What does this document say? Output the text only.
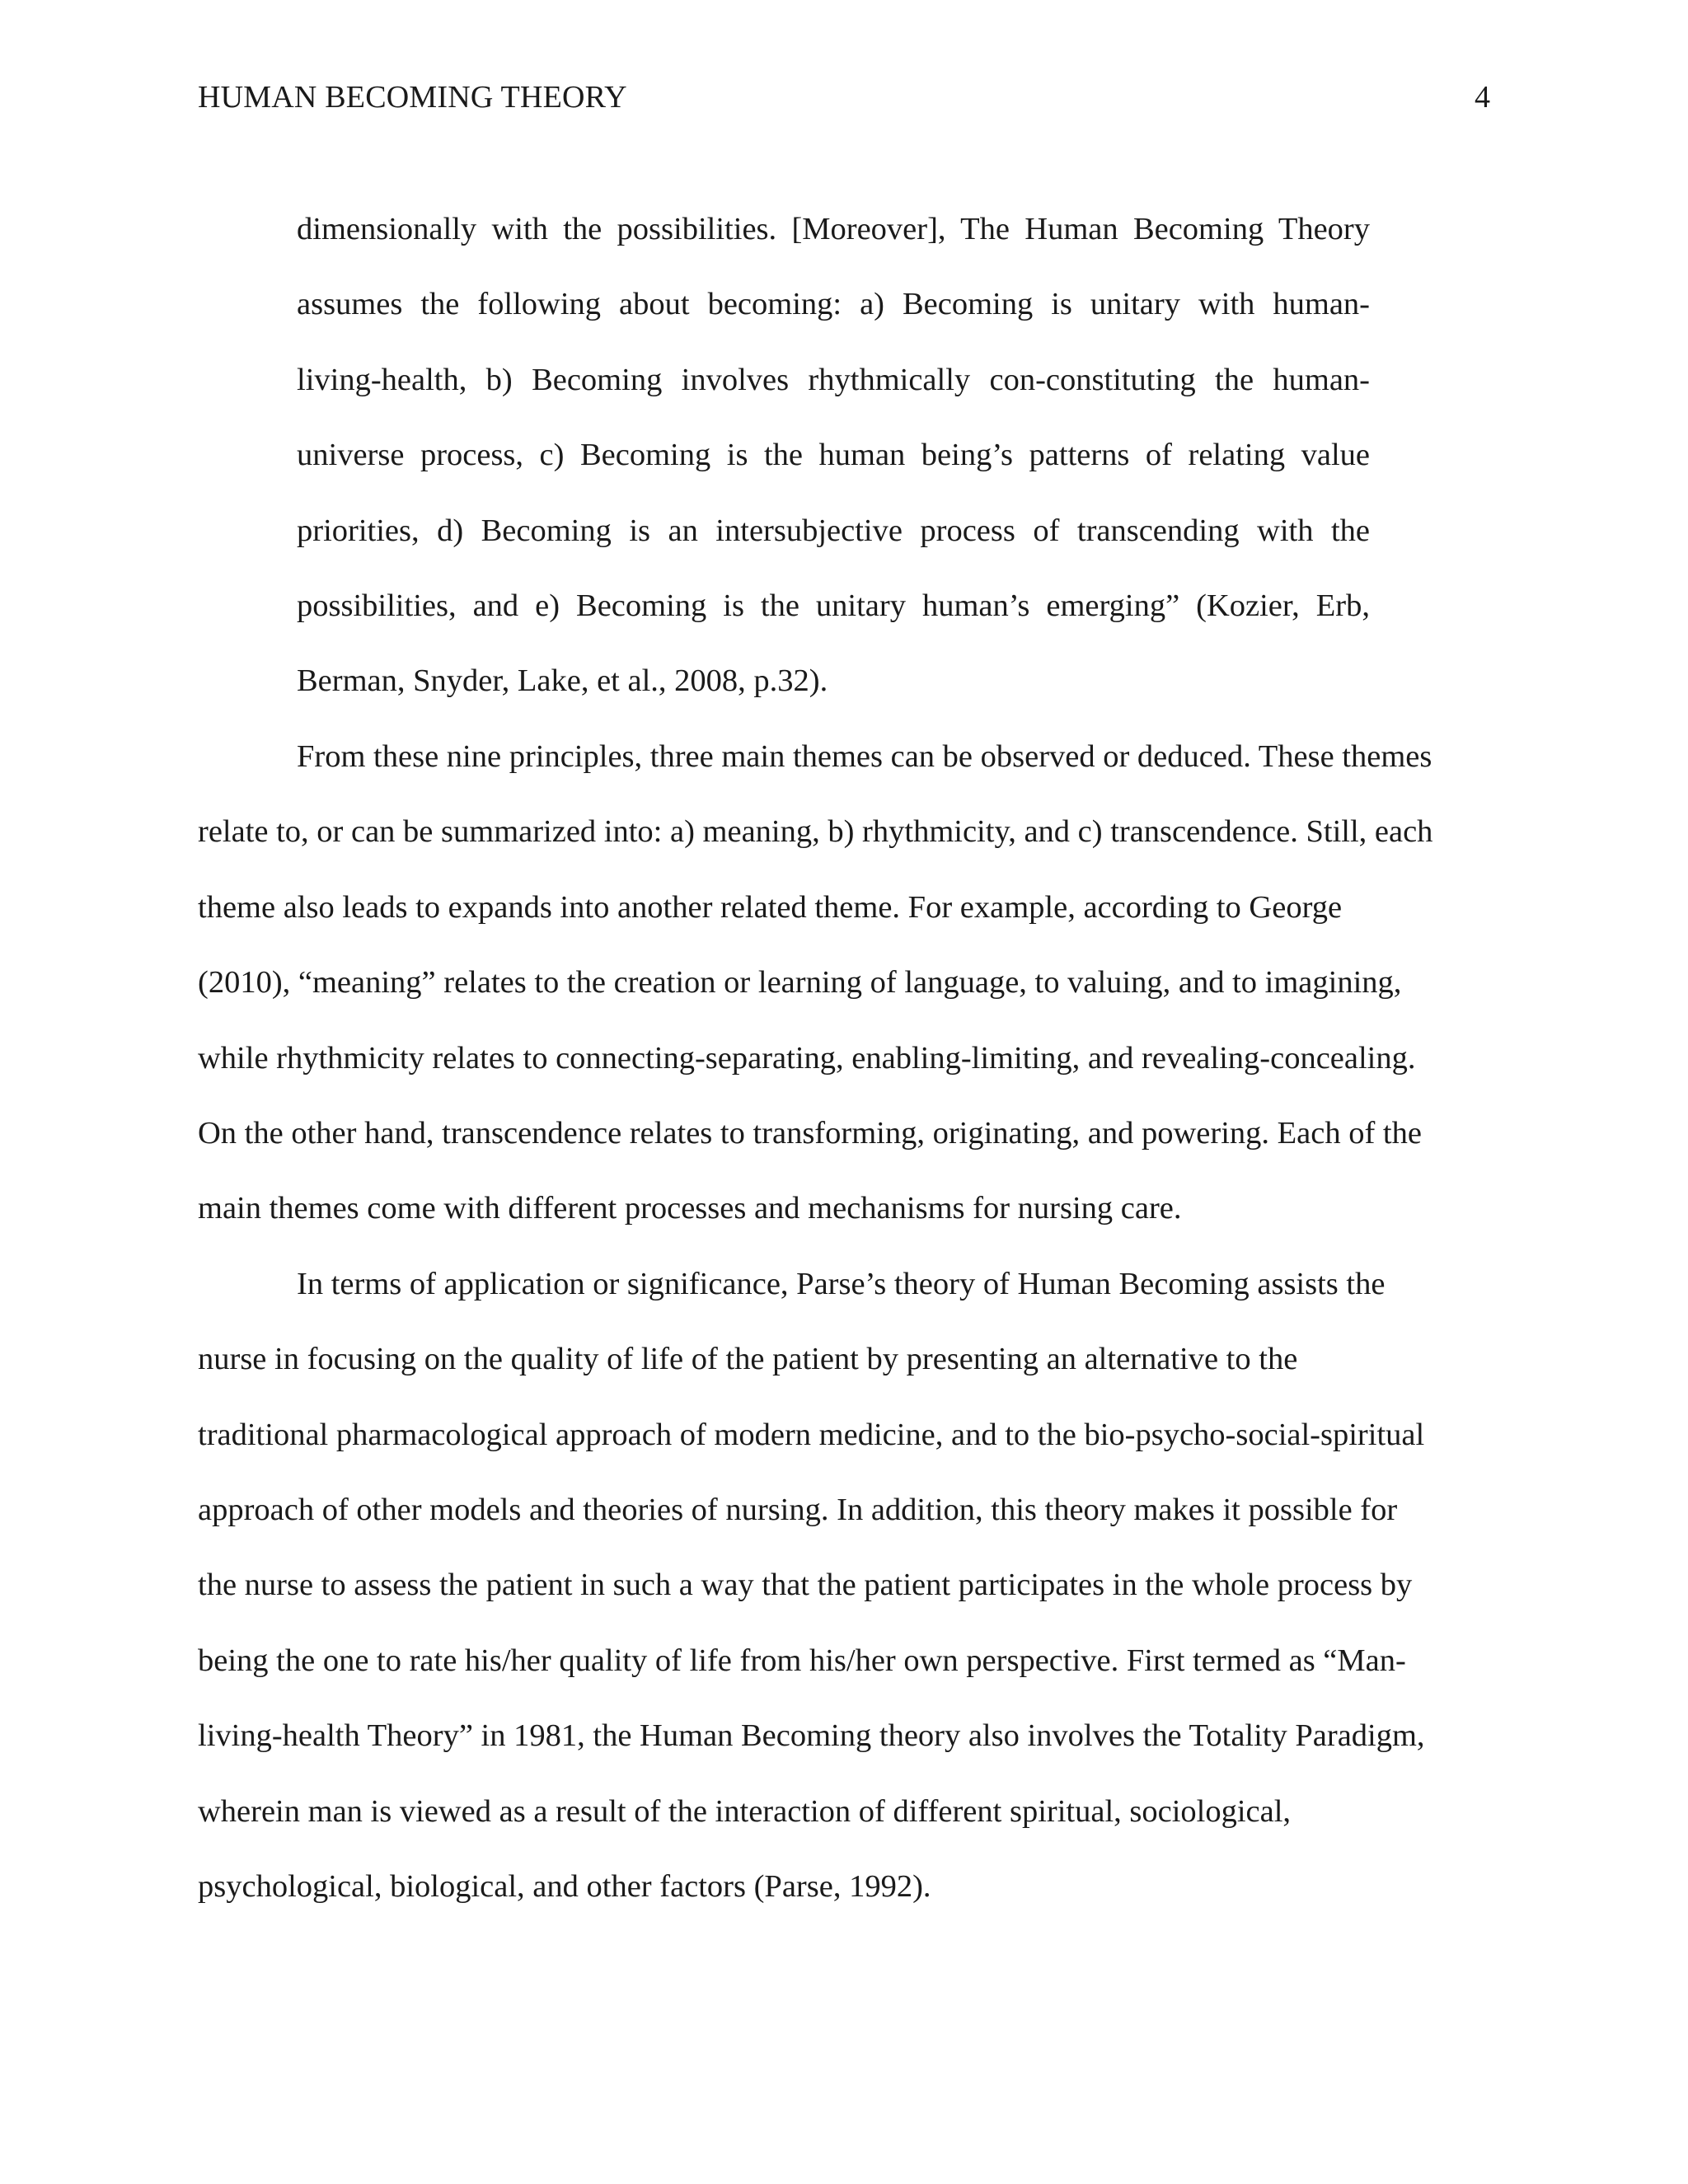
HUMAN BECOMING THEORY	4
dimensionally with the possibilities. [Moreover], The Human Becoming Theory
assumes the following about becoming: a) Becoming is unitary with human-
living-health, b) Becoming involves rhythmically con-constituting the human-
universe process, c) Becoming is the human being’s patterns of relating value
priorities, d) Becoming is an intersubjective process of transcending with the
possibilities, and e) Becoming is the unitary human’s emerging” (Kozier, Erb,
Berman, Snyder, Lake, et al., 2008, p.32).

From these nine principles, three main themes can be observed or deduced. These themes
relate to, or can be summarized into: a) meaning, b) rhythmicity, and c) transcendence. Still, each
theme also leads to expands into another related theme. For example, according to George
(2010), “meaning” relates to the creation or learning of language, to valuing, and to imagining,
while rhythmicity relates to connecting-separating, enabling-limiting, and revealing-concealing.
On the other hand, transcendence relates to transforming, originating, and powering. Each of the
main themes come with different processes and mechanisms for nursing care.

In terms of application or significance, Parse’s theory of Human Becoming assists the
nurse in focusing on the quality of life of the patient by presenting an alternative to the
traditional pharmacological approach of modern medicine, and to the bio-psycho-social-spiritual
approach of other models and theories of nursing. In addition, this theory makes it possible for
the nurse to assess the patient in such a way that the patient participates in the whole process by
being the one to rate his/her quality of life from his/her own perspective. First termed as “Man-
living-health Theory” in 1981, the Human Becoming theory also involves the Totality Paradigm,
wherein man is viewed as a result of the interaction of different spiritual, sociological,
psychological, biological, and other factors (Parse, 1992).
